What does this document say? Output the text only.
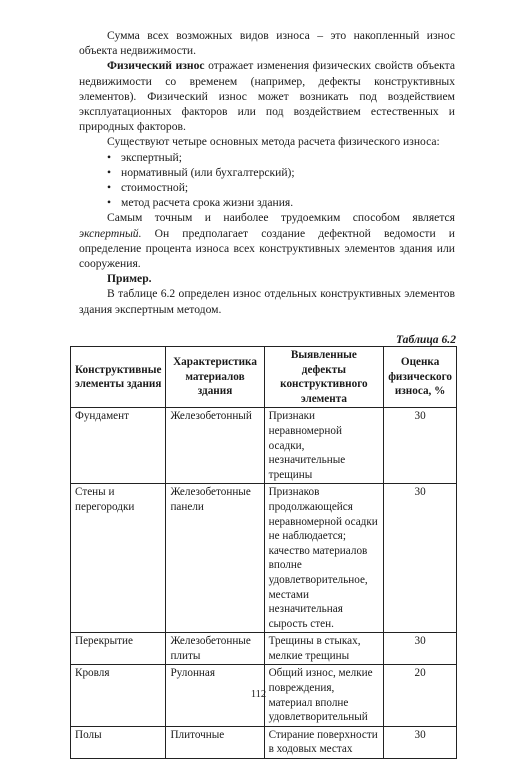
Сумма всех возможных видов износа – это накопленный износ объекта недвижимости.

Физический износ отражает изменения физических свойств объекта недвижимости со временем (например, дефекты конструктивных элементов). Физический износ может возникать под воздействием эксплуатационных факторов или под воздействием естественных и природных факторов.

Существуют четыре основных метода расчета физического износа:

• экспертный;
• нормативный (или бухгалтерский);
• стоимостной;
• метод расчета срока жизни здания.

Самым точным и наиболее трудоемким способом является экспертный. Он предполагает создание дефектной ведомости и определение процента износа всех конструктивных элементов здания или сооружения.

Пример.

В таблице 6.2 определен износ отдельных конструктивных элементов здания экспертным методом.

Таблица 6.2
Конструктивные элементы здания	Характеристика материалов здания	Выявленные дефекты конструктивного элемента	Оценка физического износа, %
Фундамент	Железобетонный	Признаки неравномерной осадки, незначительные трещины	30
Стены и перегородки	Железобетонные панели	Признаков продолжающейся неравномерной осадки не наблюдается; качество материалов вполне удовлетворительное, местами незначительная сырость стен.	30
Перекрытие	Железобетонные плиты	Трещины в стыках, мелкие трещины	30
Кровля	Рулонная	Общий износ, мелкие повреждения, материал вполне удовлетворительный	20
Полы	Плиточные	Стирание поверхности в ходовых местах	30
112
